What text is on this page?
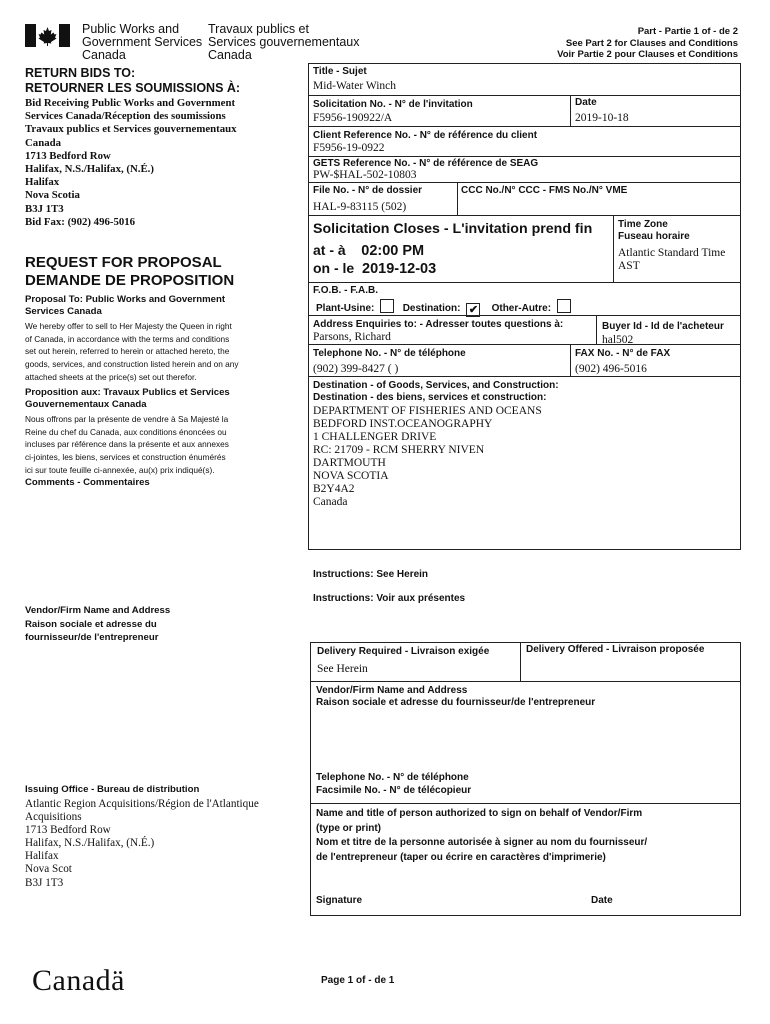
Public Works and
Government Services
Canada
Travaux publics et
Services gouvernementaux
Canada
Part - Partie 1 of - de 2
See Part 2 for Clauses and Conditions
Voir Partie 2 pour Clauses et Conditions
RETURN BIDS TO:
RETOURNER LES SOUMISSIONS À:
Bid Receiving Public Works and Government
Services Canada/Réception des soumissions
Travaux publics et Services gouvernementaux
Canada
1713 Bedford Row
Halifax, N.S./Halifax, (N.É.)
Halifax
Nova Scotia
B3J 1T3
Bid Fax: (902) 496-5016
REQUEST FOR PROPOSAL
DEMANDE DE PROPOSITION
Proposal To: Public Works and Government
Services Canada
We hereby offer to sell to Her Majesty the Queen in right
of Canada, in accordance with the terms and conditions
set out herein, referred to herein or attached hereto, the
goods, services, and construction listed herein and on any
attached sheets at the price(s) set out therefor.
Proposition aux: Travaux Publics et Services
Gouvernementaux Canada
Nous offrons par la présente de vendre à Sa Majesté la
Reine du chef du Canada, aux conditions énoncées ou
incluses par référence dans la présente et aux annexes
ci-jointes, les biens, services et construction énumérés
ici sur toute feuille ci-annexée, au(x) prix indiqué(s).
Comments - Commentaires
Vendor/Firm Name and Address
Raison sociale et adresse du
fournisseur/de l'entrepreneur
Issuing Office - Bureau de distribution
Atlantic Region Acquisitions/Région de l'Atlantique
Acquisitions
1713 Bedford Row
Halifax, N.S./Halifax, (N.É.)
Halifax
Nova Scot
B3J 1T3
Title - Sujet
Mid-Water Winch
Solicitation No. - N° de l'invitation
F5956-190922/A
Date
2019-10-18
Client Reference No. - N° de référence du client
F5956-19-0922
GETS Reference No. - N° de référence de SEAG
PW-$HAL-502-10803
File No. - N° de dossier
HAL-9-83115 (502)
CCC No./N° CCC - FMS No./N° VME
Solicitation Closes - L'invitation prend fin
at - à 02:00 PM
on - le 2019-12-03
Time Zone
Fuseau horaire
Atlantic Standard Time
AST
F.O.B. - F.A.B.
Plant-Usine:	Destination: ✔ Other-Autre:
Address Enquiries to: - Adresser toutes questions à:
Parsons, Richard
Buyer Id - Id de l'acheteur
hal502
Telephone No. - N° de téléphone
(902) 399-8427 ( )
FAX No. - N° de FAX
(902) 496-5016
Destination - of Goods, Services, and Construction:
Destination - des biens, services et construction:
DEPARTMENT OF FISHERIES AND OCEANS
BEDFORD INST.OCEANOGRAPHY
1 CHALLENGER DRIVE
RC: 21709 - RCM SHERRY NIVEN
DARTMOUTH
NOVA SCOTIA
B2Y4A2
Canada
Instructions: See Herein
Instructions: Voir aux présentes
Delivery Required - Livraison exigée
See Herein
Delivery Offered - Livraison proposée
Vendor/Firm Name and Address
Raison sociale et adresse du fournisseur/de l'entrepreneur
Telephone No. - N° de téléphone
Facsimile No. - N° de télécopieur
Name and title of person authorized to sign on behalf of Vendor/Firm
(type or print)
Nom et titre de la personne autorisée à signer au nom du fournisseur/
de l'entrepreneur (taper ou écrire en caractères d'imprimerie)
Signature	Date
Canadä	Page 1 of - de 1
